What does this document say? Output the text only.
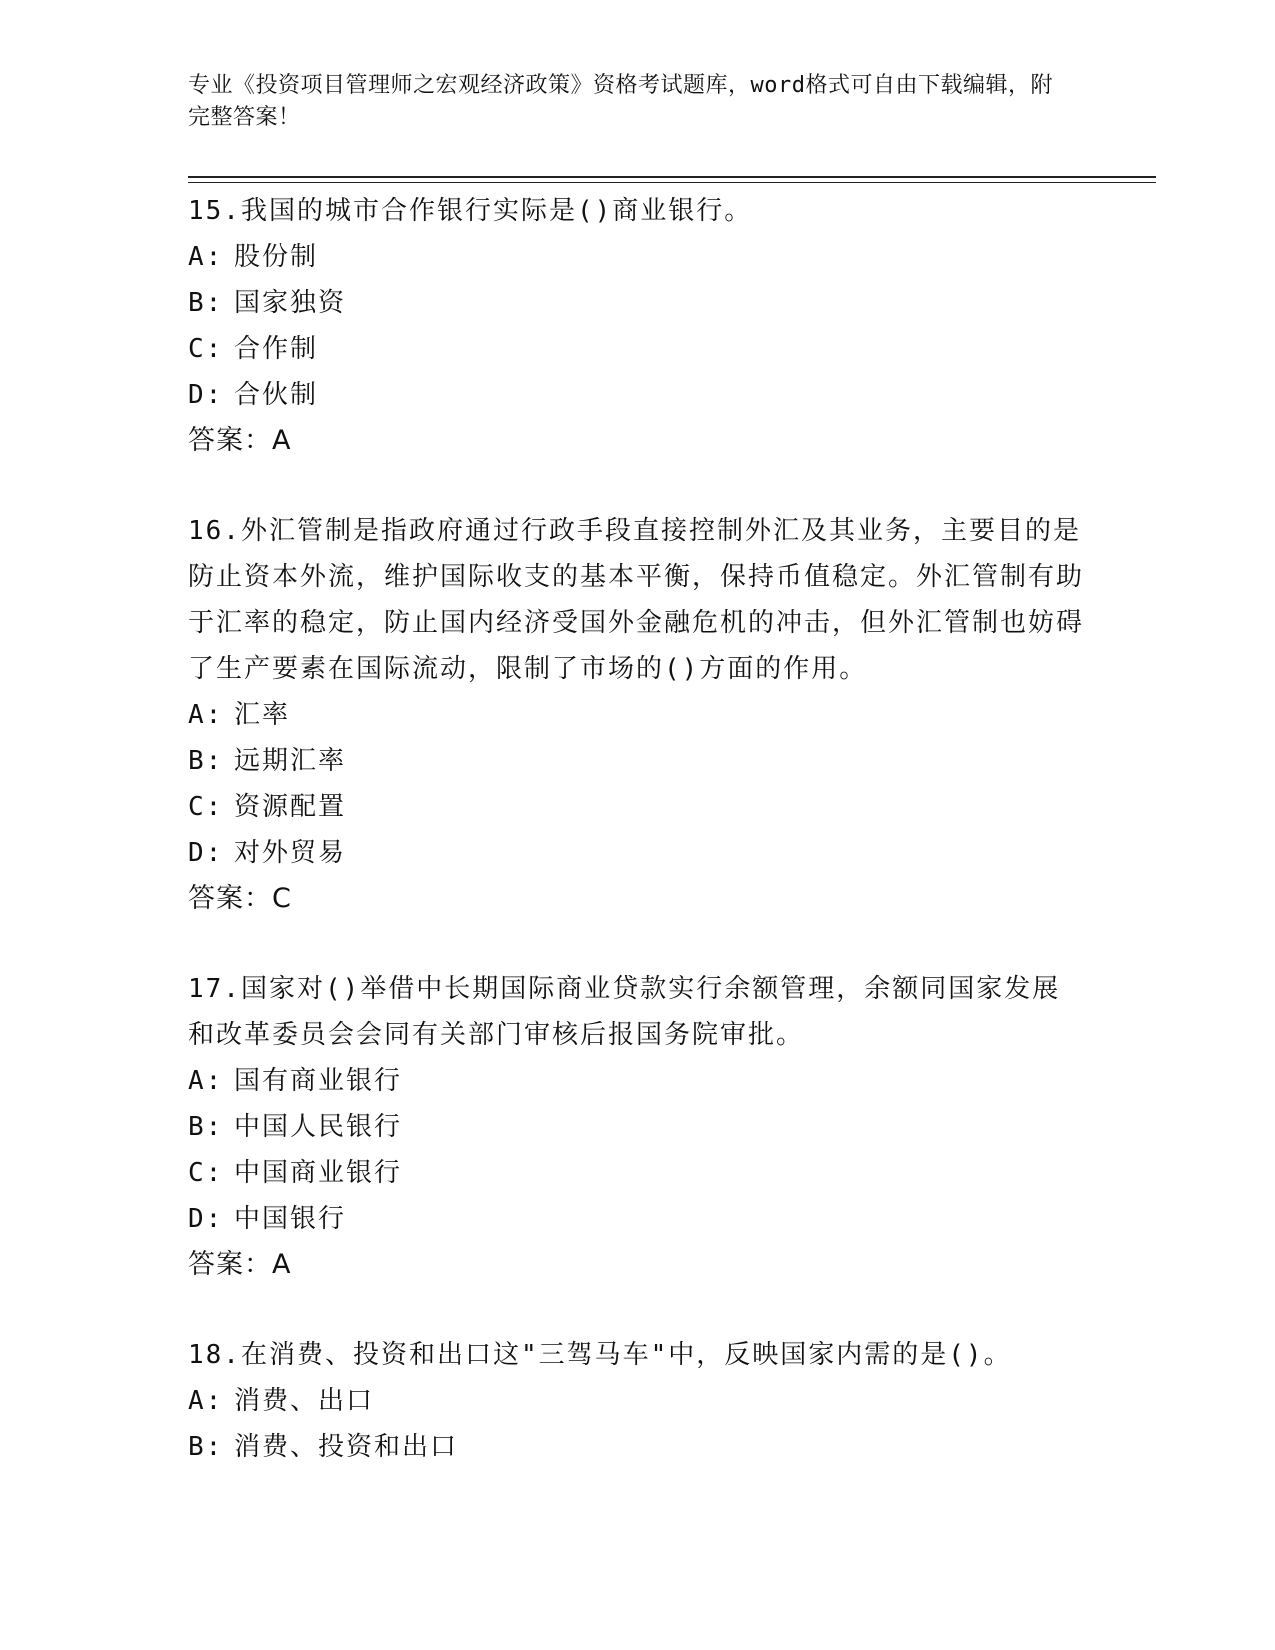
专业《投资项目管理师之宏观经济政策》资格考试题库，word格式可自由下载编辑，附完整答案！
15.我国的城市合作银行实际是()商业银行。
A: 股份制
B: 国家独资
C: 合作制
D: 合伙制
答案：A
16.外汇管制是指政府通过行政手段直接控制外汇及其业务，主要目的是防止资本外流，维护国际收支的基本平衡，保持币值稳定。外汇管制有助于汇率的稳定，防止国内经济受国外金融危机的冲击，但外汇管制也妨碍了生产要素在国际流动，限制了市场的()方面的作用。
A: 汇率
B: 远期汇率
C: 资源配置
D: 对外贸易
答案：C
17.国家对()举借中长期国际商业贷款实行余额管理，余额同国家发展和改革委员会会同有关部门审核后报国务院审批。
A: 国有商业银行
B: 中国人民银行
C: 中国商业银行
D: 中国银行
答案：A
18.在消费、投资和出口这"三驾马车"中，反映国家内需的是()。
A: 消费、出口
B: 消费、投资和出口
